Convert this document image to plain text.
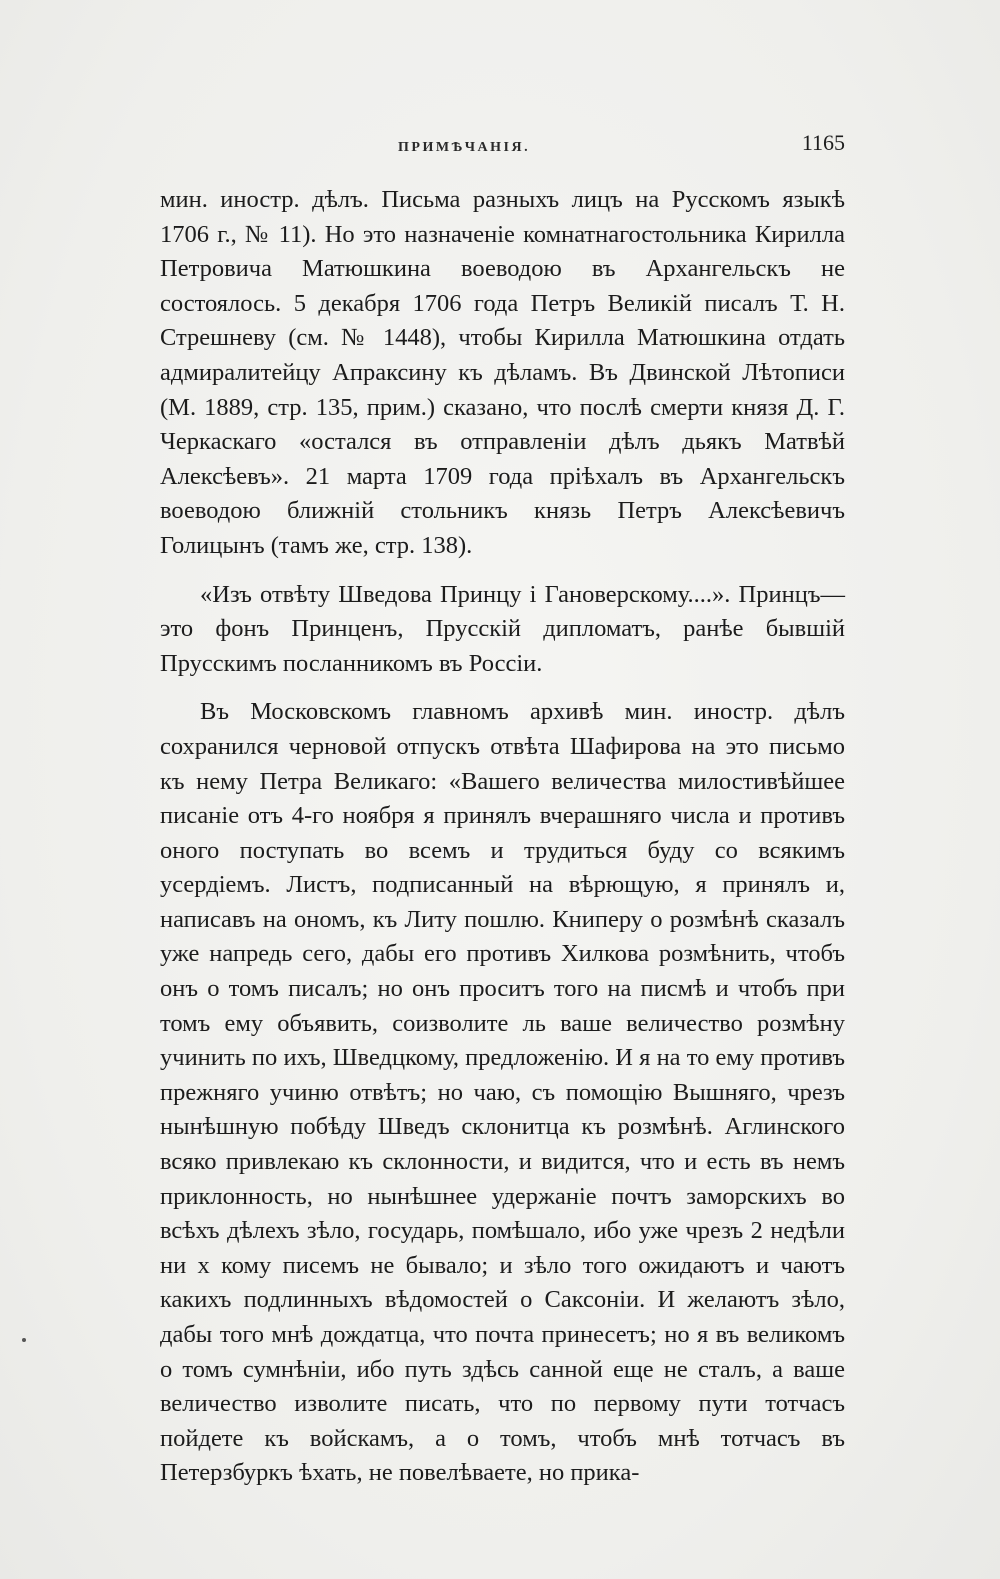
ПРИМѢЧАНІЯ.	1165

мин. иностр. дѣлъ. Письма разныхъ лицъ на Русскомъ языкѣ 1706 г., № 11). Но это назначеніе комнатнагостольника Кирилла Петровича Матюшкина воеводою въ Архангельскъ не состоялось. 5 декабря 1706 года Петръ Великій писалъ Т. Н. Стрешневу (см. № 1448), чтобы Кирилла Матюшкина отдать адмиралитейцу Апраксину къ дѣламъ. Въ Двинской Лѣтописи (М. 1889, стр. 135, прим.) сказано, что послѣ смерти князя Д. Г. Черкаскаго «остался въ отправленіи дѣлъ дьякъ Матвѣй Алексѣевъ». 21 марта 1709 года пріѣхалъ въ Архангельскъ воеводою ближній стольникъ князь Петръ Алексѣевичъ Голицынъ (тамъ же, стр. 138).

«Изъ отвѣту Шведова Принцу і Гановерскому....». Принцъ— это фонъ Принценъ, Прусскій дипломатъ, ранѣе бывшій Прусскимъ посланникомъ въ Россіи.

Въ Московскомъ главномъ архивѣ мин. иностр. дѣлъ сохранился черновой отпускъ отвѣта Шафирова на это письмо къ нему Петра Великаго: «Вашего величества милостивѣйшее писаніе отъ 4-го ноября я принялъ вчерашняго числа и противъ оного поступать во всемъ и трудиться буду со всякимъ усердіемъ. Листъ, подписанный на вѣрющую, я принялъ и, написавъ на ономъ, къ Литу пошлю. Книперу о розмѣнѣ сказалъ уже напредь сего, дабы его противъ Хилкова розмѣнить, чтобъ онъ о томъ писалъ; но онъ проситъ того на писмѣ и чтобъ при томъ ему объявить, соизволите ль ваше величество розмѣну учинить по ихъ, Шведцкому, предложенію. И я на то ему противъ прежняго учиню отвѣтъ; но чаю, съ помощію Вышняго, чрезъ нынѣшную побѣду Шведъ склонитца къ розмѣнѣ. Аглинского всяко привлекаю къ склонности, и видится, что и есть въ немъ приклонность, но нынѣшнее удержаніе почтъ заморскихъ во всѣхъ дѣлехъ зѣло, государь, помѣшало, ибо уже чрезъ 2 недѣли ни х кому писемъ не бывало; и зѣло того ожидаютъ и чаютъ какихъ подлинныхъ вѣдомостей о Саксоніи. И желаютъ зѣло, дабы того мнѣ дождатца, что почта принесетъ; но я въ великомъ о томъ сумнѣніи, ибо путь здѣсь санной еще не сталъ, а ваше величество изволите писать, что по первому пути тотчасъ пойдете къ войскамъ, а о томъ, чтобъ мнѣ тотчасъ въ Петерзбуркъ ѣхать, не повелѣваете, но прика-
